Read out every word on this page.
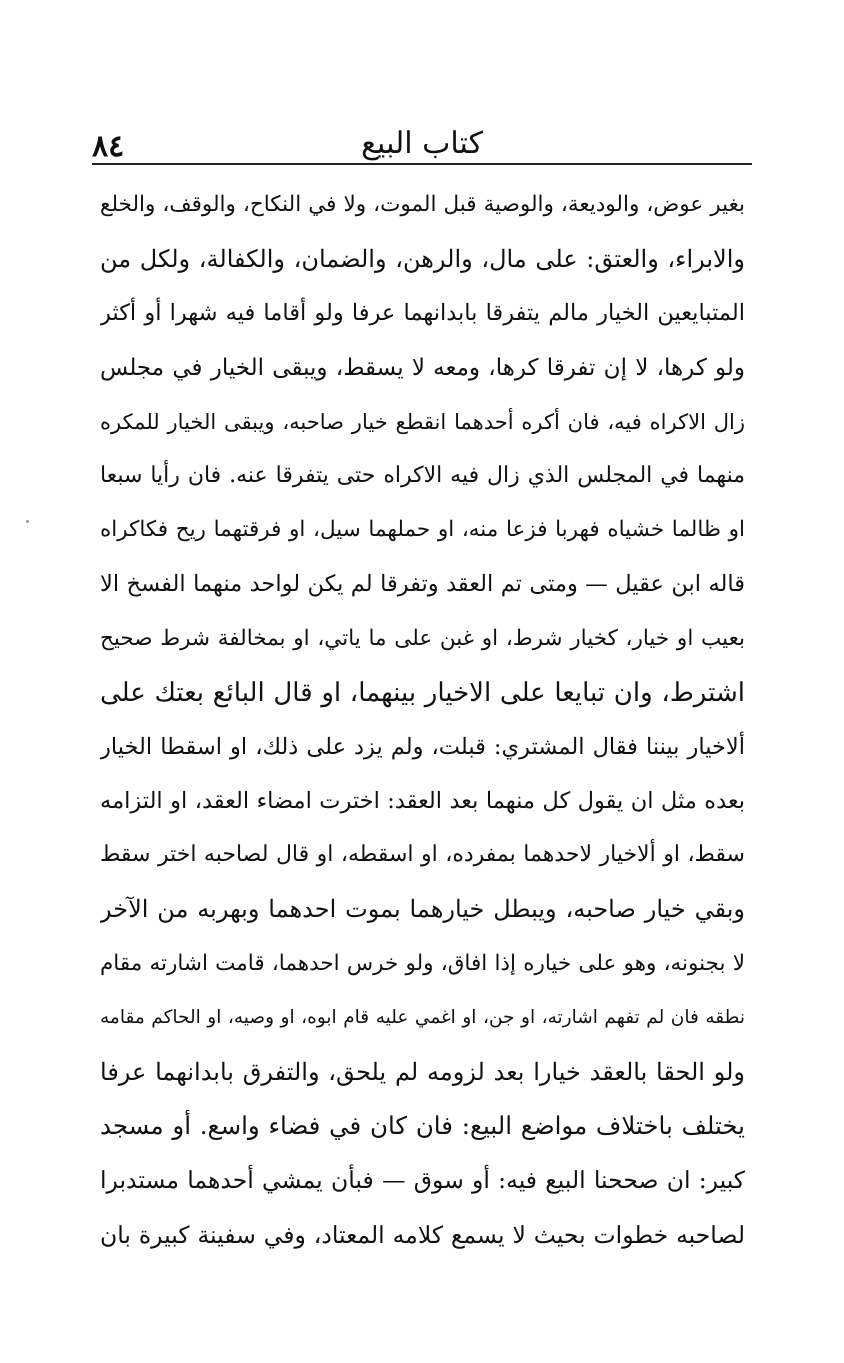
٨٤	كتاب البيع
بغير عوض، والوديعة، والوصية قبل الموت، ولا في النكاح، والوقف، والخلع
والابراء، والعتق: على مال، والرهن، والضمان، والكفالة، ولكل من
المتبايعين الخيار مالم يتفرقا بابدانهما عرفا ولو أقاما فيه شهرا أو أكثر
ولو كرها، لا إن تفرقا كرها، ومعه لا يسقط، ويبقى الخيار في مجلس
زال الاكراه فيه، فان أكره أحدهما انقطع خيار صاحبه، ويبقى الخيار للمكره
منهما في المجلس الذي زال فيه الاكراه حتى يتفرقا عنه. فان رأيا سبعا
او ظالما خشياه فهربا فزعا منه، او حملهما سيل، او فرقتهما ريح فكاكراه
قاله ابن عقيل — ومتى تم العقد وتفرقا لم يكن لواحد منهما الفسخ الا
بعيب او خيار، كخيار شرط، او غبن على ما ياتي، او بمخالفة شرط صحيح
اشترط، وان تبايعا على الاخيار بينهما، او قال البائع بعتك على
ألاخيار بيننا فقال المشتري: قبلت، ولم يزد على ذلك، او اسقطا الخيار
بعده مثل ان يقول كل منهما بعد العقد: اخترت امضاء العقد، او التزامه
سقط، او ألاخيار لاحدهما بمفرده، او اسقطه، او قال لصاحبه اختر سقط
وبقي خيار صاحبه، ويبطل خيارهما بموت احدهما وبهربه من الآخر
لا بجنونه، وهو على خياره إذا افاق، ولو خرس احدهما، قامت اشارته مقام
نطقه فان لم تفهم اشارته، او جن، او اغمي عليه قام ابوه، او وصيه، او الحاكم مقامه
ولو الحقا بالعقد خيارا بعد لزومه لم يلحق، والتفرق بابدانهما عرفا
يختلف باختلاف مواضع البيع: فان كان في فضاء واسع. أو مسجد
كبير: ان صححنا البيع فيه: أو سوق — فبأن يمشي أحدهما مستدبرا
لصاحبه خطوات بحيث لا يسمع كلامه المعتاد، وفي سفينة كبيرة بان
